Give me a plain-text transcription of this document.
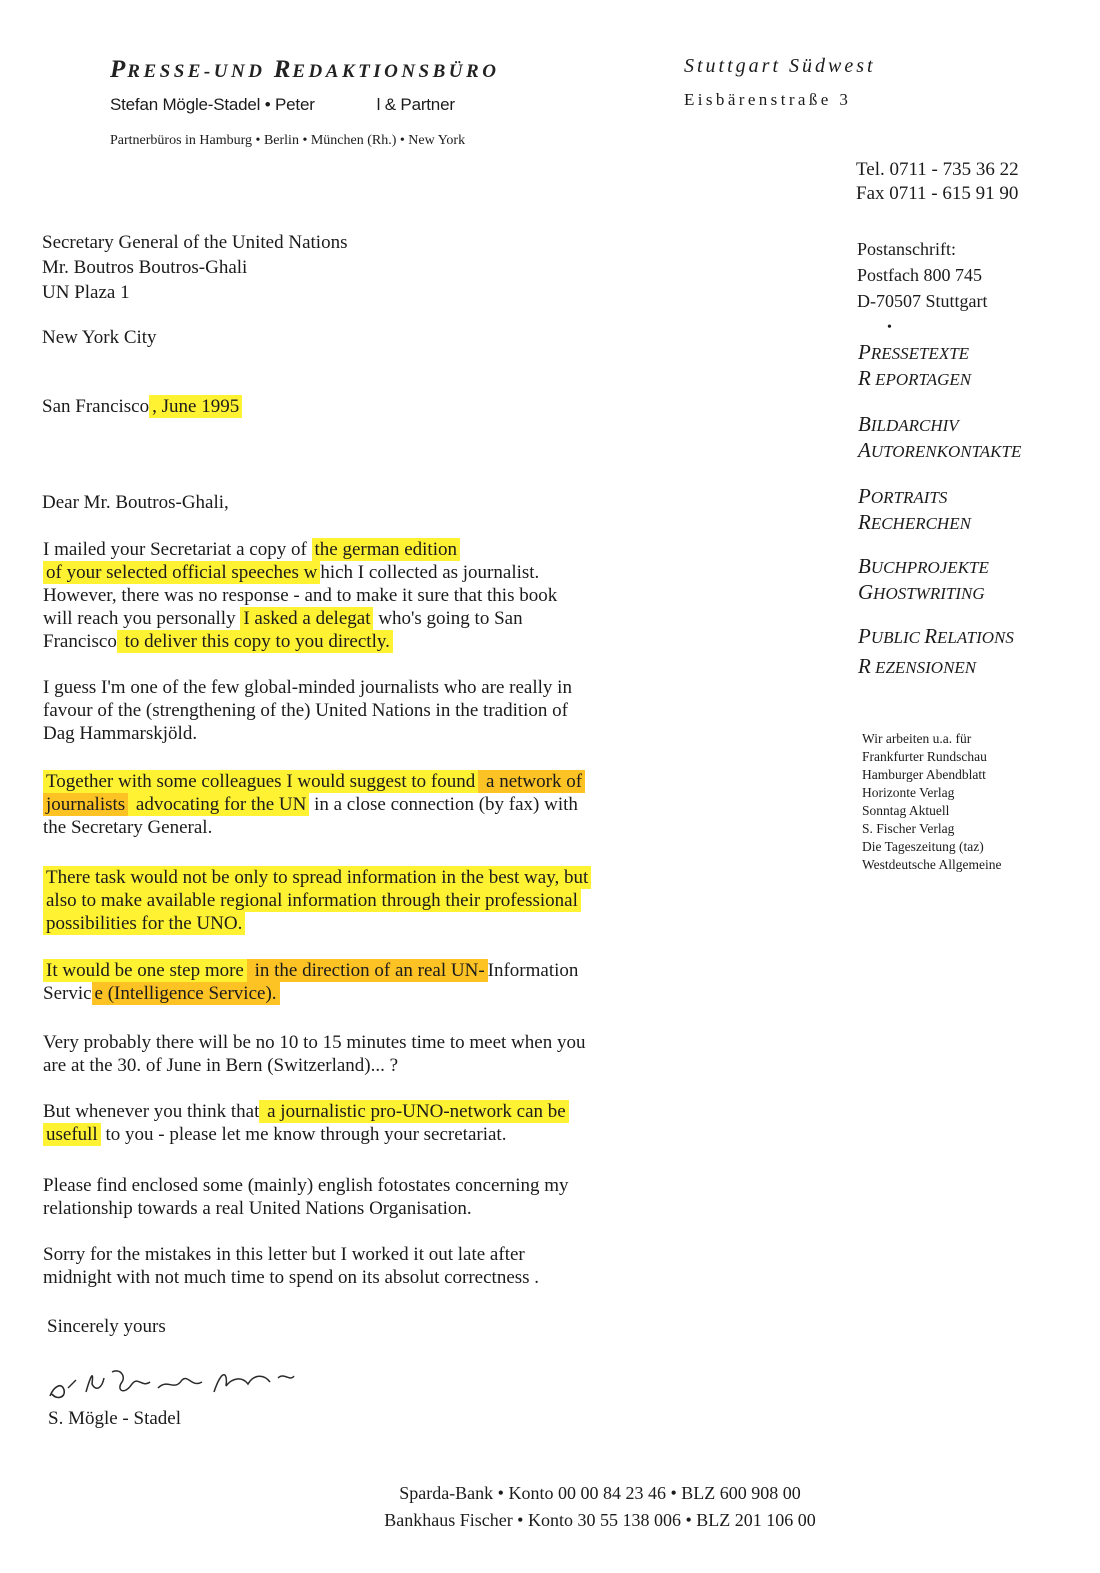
PRESSE-UND REDAKTIONSBÜRO
Stefan Mögle-Stadel • Peter	l & Partner
Partnerbüros in Hamburg • Berlin • München (Rh.) • New York
Stuttgart Südwest
Eisbärenstraße 3
Tel. 0711 - 735 36 22
Fax 0711 - 615 91 90
Postanschrift:
Postfach 800 745
D-70507 Stuttgart
•
PRESSETEXTE
R EPORTAGEN
BILDARCHIV
AUTORENKONTAKTE
PORTRAITS
RECHERCHEN
BUCHPROJEKTE
GHOSTWRITING
PUBLIC RELATIONS
R EZENSIONEN
Wir arbeiten u.a. für
Frankfurter Rundschau
Hamburger Abendblatt
Horizonte Verlag
Sonntag Aktuell
S. Fischer Verlag
Die Tageszeitung (taz)
Westdeutsche Allgemeine
Secretary General of the United Nations
Mr. Boutros Boutros-Ghali
UN Plaza 1
New York City
San Francisco , June 1995
Dear Mr. Boutros-Ghali,
I mailed your Secretariat a copy of the german edition
of your selected official speeches w hich I collected as journalist.
However, there was no response - and to make it sure that this book
will reach you personally I asked a delegat who's going to San
Francisco to deliver this copy to you directly.
I guess I'm one of the few global-minded journalists who are really in
favour of the (strengthening of the) United Nations in the tradition of
Dag Hammarskjöld.
Together with some colleagues I would suggest to found a network of
journalists advocating for the UN in a close connection (by fax) with
the Secretary General.
There task would not be only to spread information in the best way, but
also to make available regional information through their professional
possibilities for the UNO.
It would be one step more in the direction of an real UN- Information
Servic e (Intelligence Service).
Very probably there will be no 10 to 15 minutes time to meet when you
are at the 30. of June in Bern (Switzerland)... ?
But whenever you think that a journalistic pro-UNO-network can be
usefull to you - please let me know through your secretariat.
Please find enclosed some (mainly) english fotostates concerning my
relationship towards a real United Nations Organisation.
Sorry for the mistakes in this letter but I worked it out late after
midnight with not much time to spend on its absolut correctness .
Sincerely yours
S. Mögle - Stadel
Sparda-Bank • Konto 00 00 84 23 46 • BLZ 600 908 00
Bankhaus Fischer • Konto 30 55 138 006 • BLZ 201 106 00
